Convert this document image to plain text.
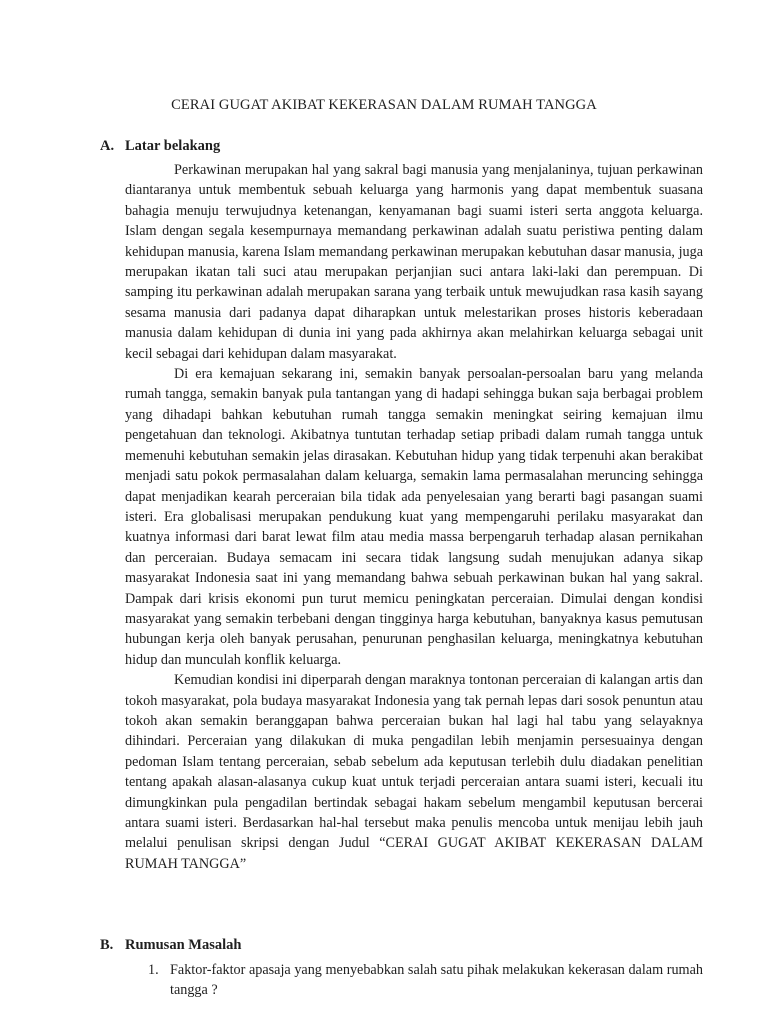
CERAI GUGAT AKIBAT KEKERASAN DALAM RUMAH TANGGA
A. Latar belakang

Perkawinan merupakan hal yang sakral bagi manusia yang menjalaninya, tujuan perkawinan diantaranya untuk membentuk sebuah keluarga yang harmonis yang dapat membentuk suasana bahagia menuju terwujudnya ketenangan, kenyamanan bagi suami isteri serta anggota keluarga. Islam dengan segala kesempurnaya memandang perkawinan adalah suatu peristiwa penting dalam kehidupan manusia, karena Islam memandang perkawinan merupakan kebutuhan dasar manusia, juga merupakan ikatan tali suci atau merupakan perjanjian suci antara laki-laki dan perempuan. Di samping itu perkawinan adalah merupakan sarana yang terbaik untuk mewujudkan rasa kasih sayang sesama manusia dari padanya dapat diharapkan untuk melestarikan proses historis keberadaan manusia dalam kehidupan di dunia ini yang pada akhirnya akan melahirkan keluarga sebagai unit kecil sebagai dari kehidupan dalam masyarakat.

Di era kemajuan sekarang ini, semakin banyak persoalan-persoalan baru yang melanda rumah tangga, semakin banyak pula tantangan yang di hadapi sehingga bukan saja berbagai problem yang dihadapi bahkan kebutuhan rumah tangga semakin meningkat seiring kemajuan ilmu pengetahuan dan teknologi. Akibatnya tuntutan terhadap setiap pribadi dalam rumah tangga untuk memenuhi kebutuhan semakin jelas dirasakan. Kebutuhan hidup yang tidak terpenuhi akan berakibat menjadi satu pokok permasalahan dalam keluarga, semakin lama permasalahan meruncing sehingga dapat menjadikan kearah perceraian bila tidak ada penyelesaian yang berarti bagi pasangan suami isteri. Era globalisasi merupakan pendukung kuat yang mempengaruhi perilaku masyarakat dan kuatnya informasi dari barat lewat film atau media massa berpengaruh terhadap alasan pernikahan dan perceraian. Budaya semacam ini secara tidak langsung sudah menujukan adanya sikap masyarakat Indonesia saat ini yang memandang bahwa sebuah perkawinan bukan hal yang sakral. Dampak dari krisis ekonomi pun turut memicu peningkatan perceraian. Dimulai dengan kondisi masyarakat yang semakin terbebani dengan tingginya harga kebutuhan, banyaknya kasus pemutusan hubungan kerja oleh banyak perusahan, penurunan penghasilan keluarga, meningkatnya kebutuhan hidup dan munculah konflik keluarga.

Kemudian kondisi ini diperparah dengan maraknya tontonan perceraian di kalangan artis dan tokoh masyarakat, pola budaya masyarakat Indonesia yang tak pernah lepas dari sosok penuntun atau tokoh akan semakin beranggapan bahwa perceraian bukan hal lagi hal tabu yang selayaknya dihindari. Perceraian yang dilakukan di muka pengadilan lebih menjamin persesuainya dengan pedoman Islam tentang perceraian, sebab sebelum ada keputusan terlebih dulu diadakan penelitian tentang apakah alasan-alasanya cukup kuat untuk terjadi perceraian antara suami isteri, kecuali itu dimungkinkan pula pengadilan bertindak sebagai hakam sebelum mengambil keputusan bercerai antara suami isteri. Berdasarkan hal-hal tersebut maka penulis mencoba untuk menijau lebih jauh melalui penulisan skripsi dengan Judul “CERAI GUGAT AKIBAT KEKERASAN DALAM RUMAH TANGGA”

B. Rumusan Masalah
1. Faktor-faktor apasaja yang menyebabkan salah satu pihak melakukan kekerasan dalam rumah tangga ?
